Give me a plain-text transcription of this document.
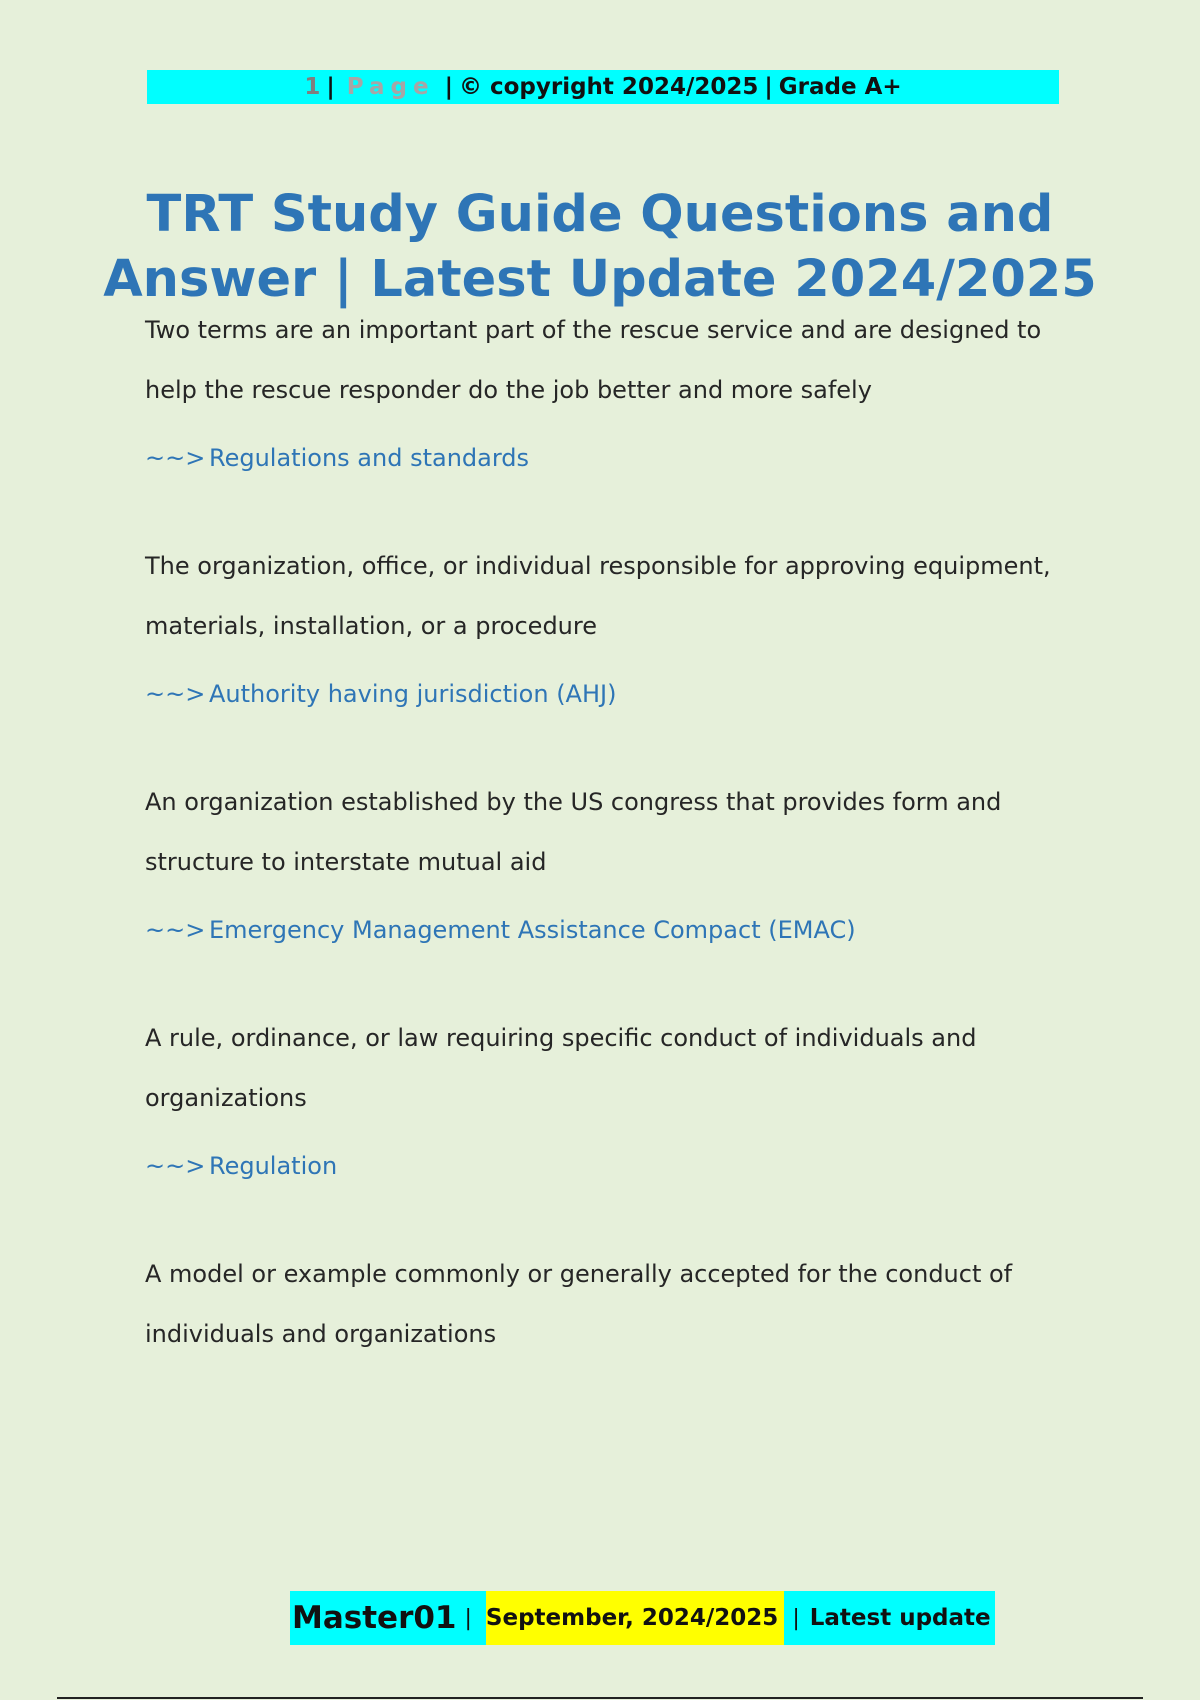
1 | Page | © copyright 2024/2025 | Grade A+
TRT Study Guide Questions and Answer | Latest Update 2024/2025

Two terms are an important part of the rescue service and are designed to help the rescue responder do the job better and more safely

~~> Regulations and standards

The organization, office, or individual responsible for approving equipment, materials, installation, or a procedure

~~> Authority having jurisdiction (AHJ)

An organization established by the US congress that provides form and structure to interstate mutual aid

~~> Emergency Management Assistance Compact (EMAC)

A rule, ordinance, or law requiring specific conduct of individuals and organizations

~~> Regulation

A model or example commonly or generally accepted for the conduct of individuals and organizations

Master01 | September, 2024/2025 | Latest update
